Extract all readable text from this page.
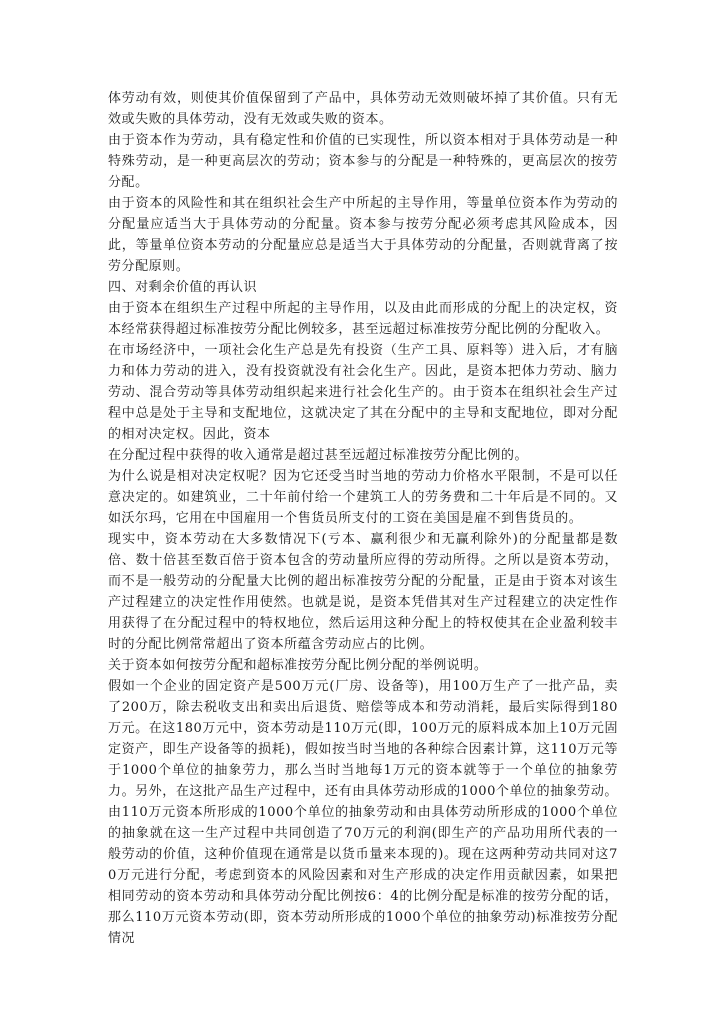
体劳动有效，则使其价值保留到了产品中，具体劳动无效则破坏掉了其价值。只有无效或失败的具体劳动，没有无效或失败的资本。

由于资本作为劳动，具有稳定性和价值的已实现性，所以资本相对于具体劳动是一种特殊劳动，是一种更高层次的劳动；资本参与的分配是一种特殊的，更高层次的按劳分配。

由于资本的风险性和其在组织社会生产中所起的主导作用，等量单位资本作为劳动的分配量应适当大于具体劳动的分配量。资本参与按劳分配必须考虑其风险成本，因此，等量单位资本劳动的分配量应总是适当大于具体劳动的分配量，否则就背离了按劳分配原则。

四、对剩余价值的再认识

由于资本在组织生产过程中所起的主导作用，以及由此而形成的分配上的决定权，资本经常获得超过标准按劳分配比例较多，甚至远超过标准按劳分配比例的分配收入。

在市场经济中，一项社会化生产总是先有投资（生产工具、原料等）进入后，才有脑力和体力劳动的进入，没有投资就没有社会化生产。因此，是资本把体力劳动、脑力劳动、混合劳动等具体劳动组织起来进行社会化生产的。由于资本在组织社会生产过程中总是处于主导和支配地位，这就决定了其在分配中的主导和支配地位，即对分配的相对决定权。因此，资本

在分配过程中获得的收入通常是超过甚至远超过标准按劳分配比例的。

为什么说是相对决定权呢？因为它还受当时当地的劳动力价格水平限制，不是可以任意决定的。如建筑业，二十年前付给一个建筑工人的劳务费和二十年后是不同的。又如沃尔玛，它用在中国雇用一个售货员所支付的工资在美国是雇不到售货员的。

现实中，资本劳动在大多数情况下(亏本、赢利很少和无赢利除外)的分配量都是数倍、数十倍甚至数百倍于资本包含的劳动量所应得的劳动所得。之所以是资本劳动，而不是一般劳动的分配量大比例的超出标准按劳分配的分配量，正是由于资本对该生产过程建立的决定性作用使然。也就是说，是资本凭借其对生产过程建立的决定性作用获得了在分配过程中的特权地位，然后运用这种分配上的特权使其在企业盈利较丰时的分配比例常常超出了资本所蕴含劳动应占的比例。

关于资本如何按劳分配和超标准按劳分配比例分配的举例说明。

假如一个企业的固定资产是500万元(厂房、设备等)，用100万生产了一批产品，卖了200万，除去税收支出和卖出后退货、赔偿等成本和劳动消耗，最后实际得到180万元。在这180万元中，资本劳动是110万元(即，100万元的原料成本加上10万元固定资产，即生产设备等的损耗)，假如按当时当地的各种综合因素计算，这110万元等于1000个单位的抽象劳力，那么当时当地每1万元的资本就等于一个单位的抽象劳力。另外，在这批产品生产过程中，还有由具体劳动形成的1000个单位的抽象劳动。由110万元资本所形成的1000个单位的抽象劳动和由具体劳动所形成的1000个单位的抽象就在这一生产过程中共同创造了70万元的利润(即生产的产品功用所代表的一般劳动的价值，这种价值现在通常是以货币量来本现的)。现在这两种劳动共同对这70万元进行分配，考虑到资本的风险因素和对生产形成的决定作用贡献因素，如果把相同劳动的资本劳动和具体劳动分配比例按6：4的比例分配是标准的按劳分配的话，那么110万元资本劳动(即，资本劳动所形成的1000个单位的抽象劳动)标准按劳分配情况
